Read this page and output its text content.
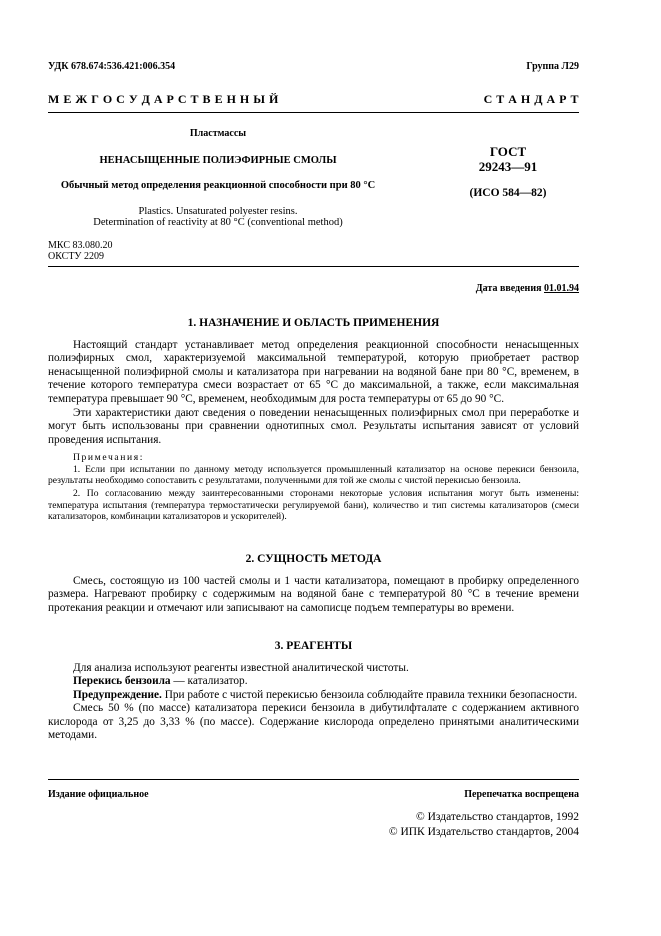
УДК 678.674:536.421:006.354	Группа Л29
М Е Ж Г О С У Д А Р С Т В Е Н Н Ы Й	С Т А Н Д А Р Т
Пластмассы
НЕНАСЫЩЕННЫЕ ПОЛИЭФИРНЫЕ СМОЛЫ
Обычный метод определения реакционной способности при 80 °С
Plastics. Unsaturated polyester resins.
Determination of reactivity at 80 °С (conventional method)
ГОСТ
29243—91
(ИСО 584—82)
МКС 83.080.20
ОКСТУ 2209
Дата введения 01.01.94
1. НАЗНАЧЕНИЕ И ОБЛАСТЬ ПРИМЕНЕНИЯ

Настоящий стандарт устанавливает метод определения реакционной способности ненасыщенных полиэфирных смол, характеризуемой максимальной температурой, которую приобретает раствор ненасыщенной полиэфирной смолы и катализатора при нагревании на водяной бане при 80 °С, временем, в течение которого температура смеси возрастает от 65 °С до максимальной, а также, если максимальная температура превышает 90 °С, временем, необходимым для роста температуры от 65 до 90 °С.

Эти характеристики дают сведения о поведении ненасыщенных полиэфирных смол при переработке и могут быть использованы при сравнении однотипных смол. Результаты испытания зависят от условий проведения испытания.

Примечания:

1. Если при испытании по данному методу используется промышленный катализатор на основе перекиси бензоила, результаты необходимо сопоставить с результатами, полученными для той же смолы с чистой перекисью бензоила.

2. По согласованию между заинтересованными сторонами некоторые условия испытания могут быть изменены: температура испытания (температура термостатически регулируемой бани), количество и тип системы катализаторов (смеси катализаторов, комбинации катализаторов и ускорителей).

2. СУЩНОСТЬ МЕТОДА

Смесь, состоящую из 100 частей смолы и 1 части катализатора, помещают в пробирку определенного размера. Нагревают пробирку с содержимым на водяной бане с температурой 80 °С в течение времени протекания реакции и отмечают или записывают на самописце подъем температуры во времени.

3. РЕАГЕНТЫ

Для анализа используют реагенты известной аналитической чистоты.

Перекись бензоила — катализатор.

Предупреждение. При работе с чистой перекисью бензоила соблюдайте правила техники безопасности.

Смесь 50 % (по массе) катализатора перекиси бензоила в дибутилфталате с содержанием активного кислорода от 3,25 до 3,33 % (по массе). Содержание кислорода определено принятыми аналитическими методами.

Издание официальное	Перепечатка воспрещена
© Издательство стандартов, 1992
© ИПК Издательство стандартов, 2004
